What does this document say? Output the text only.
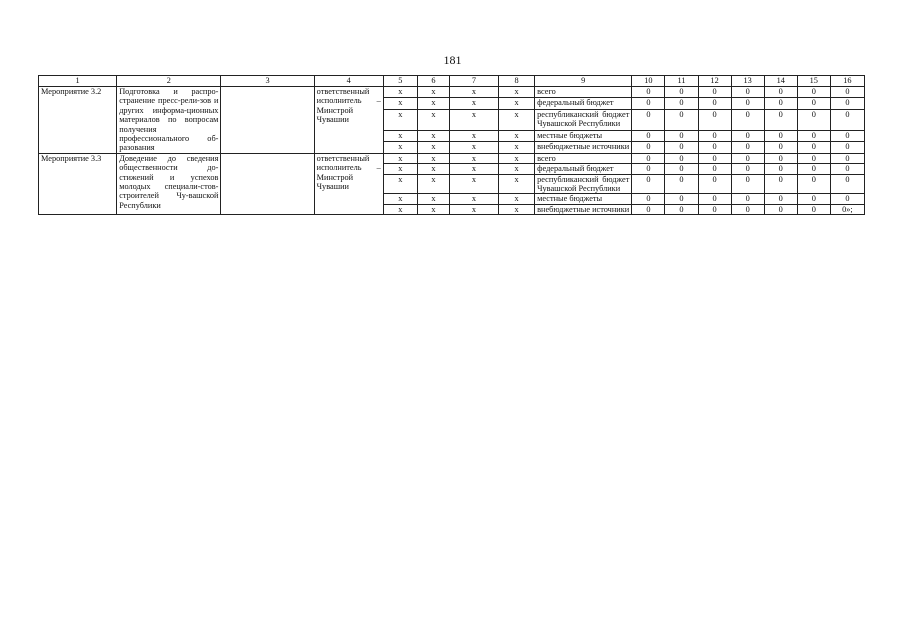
181
1	2	3	4	5	6	7	8	9	10	11	12	13	14	15	16
Мероприятие 3.2	Подготовка и распро-странение пресс-рели-зов и других информа-ционных материалов по вопросам получения профессионального об-разования		ответственный исполнитель – Минстрой Чувашии	x	x	x	x	всего	0	0	0	0	0	0	0
				x	x	x	x	федеральный бюджет	0	0	0	0	0	0	0
				x	x	x	x	республиканский бюджет Чувашской Республики	0	0	0	0	0	0	0
				x	x	x	x	местные бюджеты	0	0	0	0	0	0	0
				x	x	x	x	внебюджетные источники	0	0	0	0	0	0	0
Мероприятие 3.3	Доведение до сведения общественности до-стижений и успехов молодых специали-стов-строителей Чу-вашской Республики		ответственный исполнитель – Минстрой Чувашии	x	x	x	x	всего	0	0	0	0	0	0	0
				x	x	x	x	федеральный бюджет	0	0	0	0	0	0	0
				x	x	x	x	республиканский бюджет Чувашской Республики	0	0	0	0	0	0	0
				x	x	x	x	местные бюджеты	0	0	0	0	0	0	0
				x	x	x	x	внебюджетные источники	0	0	0	0	0	0	0»;
